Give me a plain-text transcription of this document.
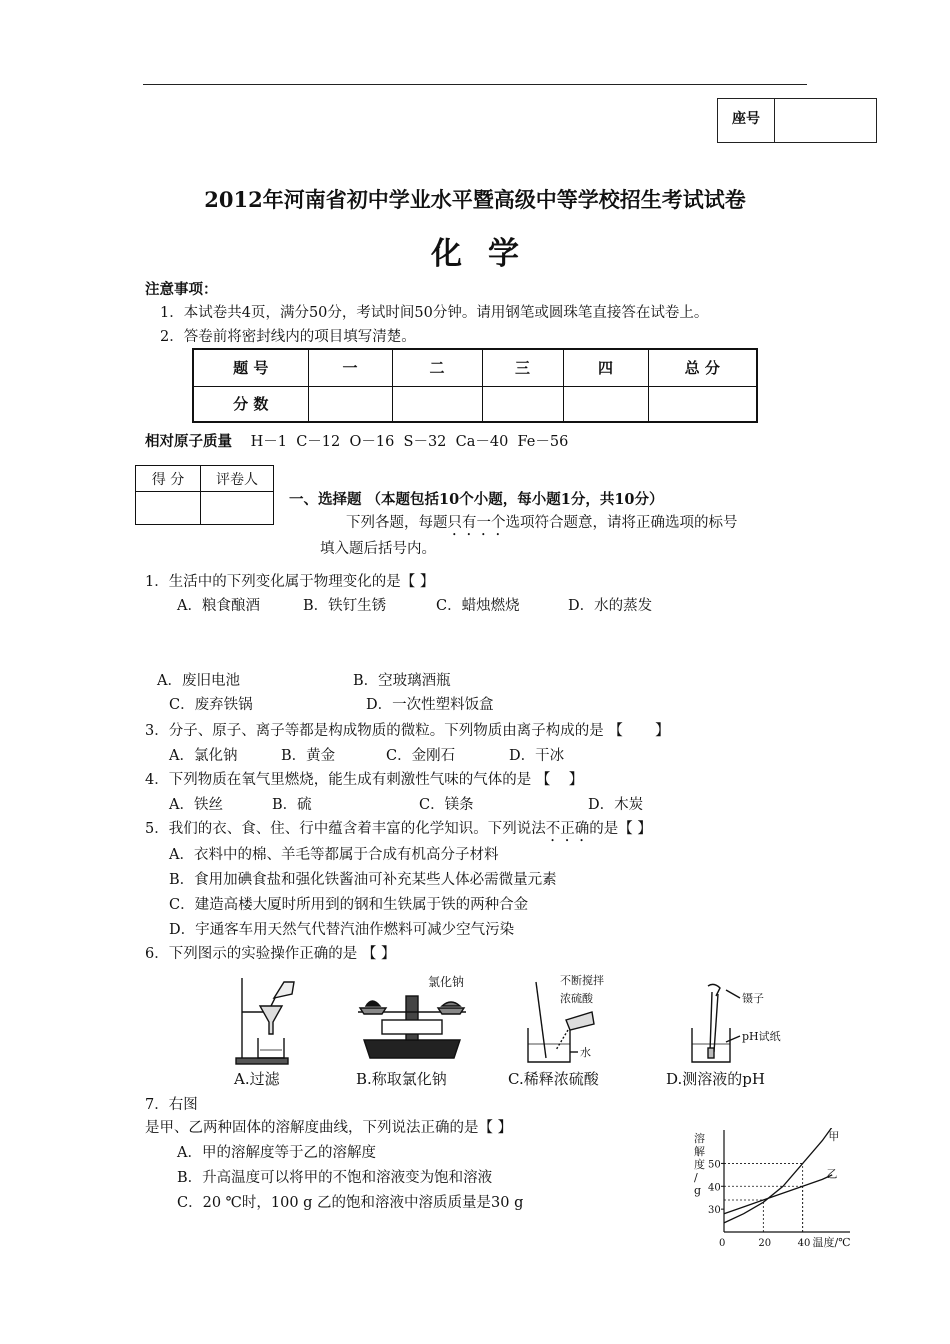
座号
2012年河南省初中学业水平暨高级中等学校招生考试试卷
化学
注意事项：
1．本试卷共4页，满分50分，考试时间50分钟。请用钢笔或圆珠笔直接答在试卷上。
2．答卷前将密封线内的项目填写清楚。
题 号	一	二	三	四	总 分
分 数					
相对原子质量 H－1  C－12  O－16  S－32  Ca－40  Fe－56
得 分	评卷人

一、选择题 （本题包括10个小题，每小题1分，共10分）
下列各题，每题只有一个选项符合题意，请将正确选项的标号
填入题后括号内。
1．生活中的下列变化属于物理变化的是【 】
A．粮食酿酒	B．铁钉生锈	C．蜡烛燃烧	D．水的蒸发
A．废旧电池	B．空玻璃酒瓶
C．废弃铁锅	D．一次性塑料饭盒
3．分子、原子、离子等都是构成物质的微粒。下列物质由离子构成的是 【       】
A．氯化钠	B．黄金	C．金刚石	D．干冰
4．下列物质在氧气里燃烧，能生成有刺激性气味的气体的是 【    】
A．铁丝	B．硫	C．镁条	D．木炭
5．我们的衣、食、住、行中蕴含着丰富的化学知识。下列说法不正确的是【 】
A．衣料中的棉、羊毛等都属于合成有机高分子材料
B．食用加碘食盐和强化铁酱油可补充某些人体必需微量元素
C．建造高楼大厦时所用到的钢和生铁属于铁的两种合金
D．宇通客车用天然气代替汽油作燃料可减少空气污染
6．下列图示的实验操作正确的是 【 】
A.过滤
氯化钠
B.称取氯化钠
不断搅拌
浓硫酸
水
C.稀释浓硫酸
镊子
pH试纸
D.测溶液的pH
7．右图
是甲、乙两种固体的溶解度曲线，下列说法正确的是【 】
A．甲的溶解度等于乙的溶解度
B．升高温度可以将甲的不饱和溶液变为饱和溶液
C．20 ℃时，100 g 乙的饱和溶液中溶质质量是30 g
溶
解
度
/
g
30
40
50
0	20	40 温度/℃
甲
乙
